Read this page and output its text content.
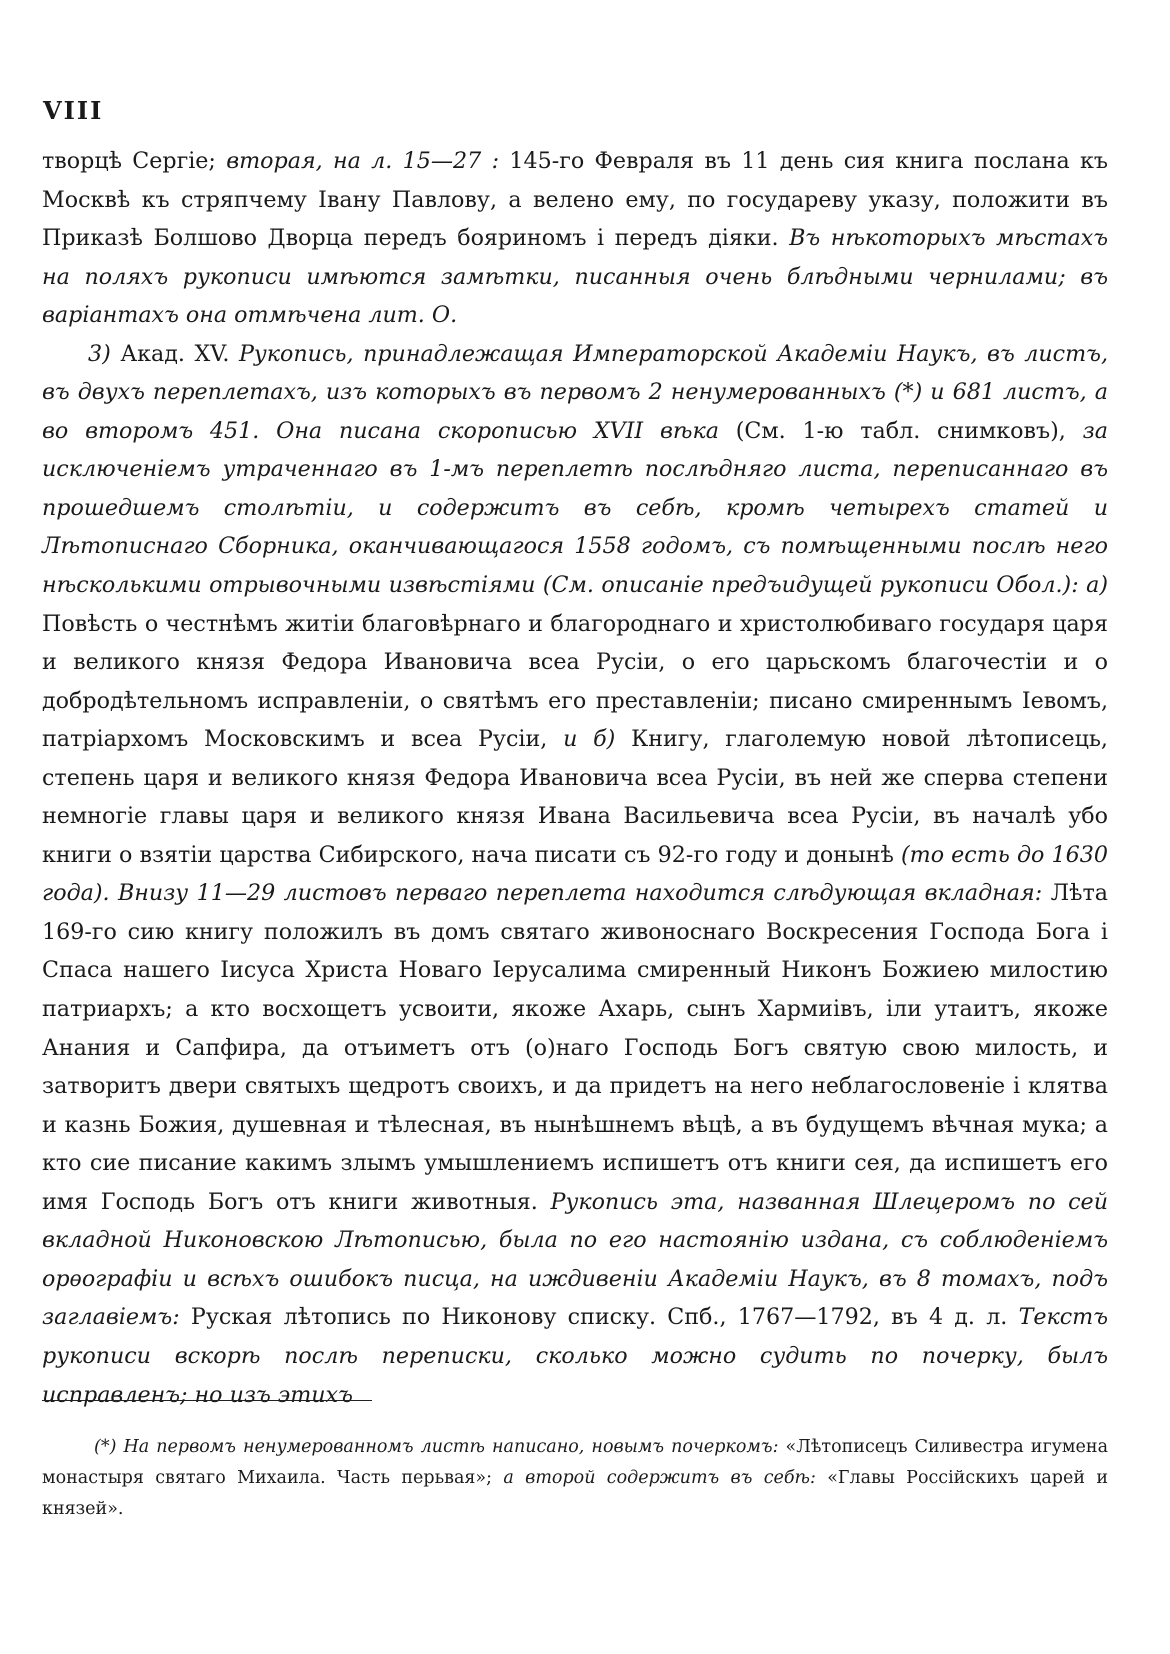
VIII

творцѣ Сергіе; вторая, на л. 15—27 : 145-го Февраля въ 11 день сия книга послана къ Москвѣ къ стряпчему Івану Павлову, а велено ему, по государеву указу, положити въ Приказѣ Болшово Дворца передъ бояриномъ і передъ діяки. Въ нѣкоторыхъ мѣстахъ на поляхъ рукописи имѣются замѣтки, писанныя очень блѣдными чернилами; въ варіантахъ она отмѣчена лит. О.

3) Акад. XV. Рукопись, принадлежащая Императорской Академіи Наукъ, въ листъ, въ двухъ переплетахъ, изъ которыхъ въ первомъ 2 ненумерованныхъ (*) и 681 листъ, а во второмъ 451. Она писана скорописью XVII вѣка (См. 1-ю табл. снимковъ), за исключеніемъ утраченнаго въ 1-мъ переплетѣ послѣдняго листа, переписаннаго въ прошедшемъ столѣтіи, и содержитъ въ себѣ, кромѣ четырехъ статей и Лѣтописнаго Сборника, оканчивающагося 1558 годомъ, съ помѣщенными послѣ него нѣсколькими отрывочными извѣстіями (См. описаніе предъидущей рукописи Обол.): а) Повѣсть о честнѣмъ житіи благовѣрнаго и благороднаго и христолюбиваго государя царя и великого князя Федора Ивановича всеа Русіи, о его царьскомъ благочестіи и о добродѣтельномъ исправленіи, о святѣмъ его преставленіи; писано смиреннымъ Іевомъ, патріархомъ Московскимъ и всеа Русіи, и б) Книгу, глаголемую новой лѣтописець, степень царя и великого князя Федора Ивановича всеа Русіи, въ ней же сперва степени немногіе главы царя и великого князя Ивана Васильевича всеа Русіи, въ началѣ убо книги о взятіи царства Сибирского, нача писати съ 92-го году и донынѣ (то есть до 1630 года). Внизу 11—29 листовъ перваго переплета находится слѣдующая вкладная: Лѣта 169-го сию книгу положилъ въ домъ святаго живоноснаго Воскресения Господа Бога і Спаса нашего Іисуса Христа Новаго Іерусалима смиренный Никонъ Божиею милостию патриархъ; а кто восхощетъ усвоити, якоже Ахарь, сынъ Хармиівъ, іли утаитъ, якоже Анания и Сапфира, да отъиметъ отъ (о)наго Господь Богъ святую свою милость, и затворитъ двери святыхъ щедротъ своихъ, и да придетъ на него неблагословеніе і клятва и казнь Божия, душевная и тѣлесная, въ нынѣшнемъ вѣцѣ, а въ будущемъ вѣчная мука; а кто сие писание какимъ злымъ умышлениемъ испишетъ отъ книги сея, да испишетъ его имя Господь Богъ отъ книги животныя. Рукопись эта, названная Шлецеромъ по сей вкладной Никоновскою Лѣтописью, была по его настоянію издана, съ соблюденіемъ орѳографіи и всѣхъ ошибокъ писца, на иждивеніи Академіи Наукъ, въ 8 томахъ, подъ заглавіемъ: Руская лѣтопись по Никонову списку. Спб., 1767—1792, въ 4 д. л. Текстъ рукописи вскорѣ послѣ переписки, сколько можно судить по почерку, былъ исправленъ; но изъ этихъ

(*) На первомъ ненумерованномъ листѣ написано, новымъ почеркомъ: «Лѣтописецъ Силивестра игумена монастыря святаго Михаила. Часть перьвая»; а второй содержитъ въ себѣ: «Главы Россійскихъ царей и князей».
